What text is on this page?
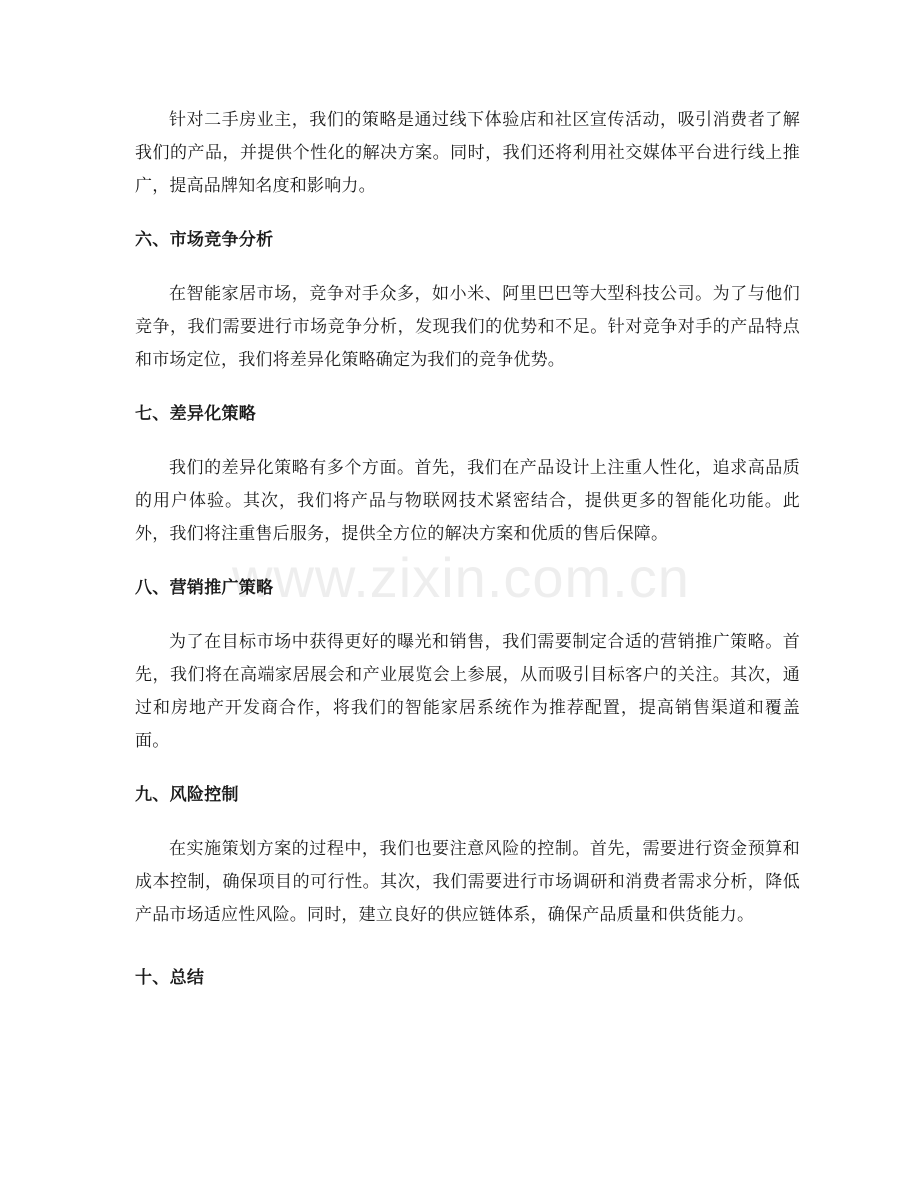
www.zixin.com.cn

针对二手房业主，我们的策略是通过线下体验店和社区宣传活动，吸引消费者了解我们的产品，并提供个性化的解决方案。同时，我们还将利用社交媒体平台进行线上推广，提高品牌知名度和影响力。

六、市场竞争分析

在智能家居市场，竞争对手众多，如小米、阿里巴巴等大型科技公司。为了与他们竞争，我们需要进行市场竞争分析，发现我们的优势和不足。针对竞争对手的产品特点和市场定位，我们将差异化策略确定为我们的竞争优势。

七、差异化策略

我们的差异化策略有多个方面。首先，我们在产品设计上注重人性化，追求高品质的用户体验。其次，我们将产品与物联网技术紧密结合，提供更多的智能化功能。此外，我们将注重售后服务，提供全方位的解决方案和优质的售后保障。

八、营销推广策略

为了在目标市场中获得更好的曝光和销售，我们需要制定合适的营销推广策略。首先，我们将在高端家居展会和产业展览会上参展，从而吸引目标客户的关注。其次，通过和房地产开发商合作，将我们的智能家居系统作为推荐配置，提高销售渠道和覆盖面。

九、风险控制

在实施策划方案的过程中，我们也要注意风险的控制。首先，需要进行资金预算和成本控制，确保项目的可行性。其次，我们需要进行市场调研和消费者需求分析，降低产品市场适应性风险。同时，建立良好的供应链体系，确保产品质量和供货能力。

十、总结
